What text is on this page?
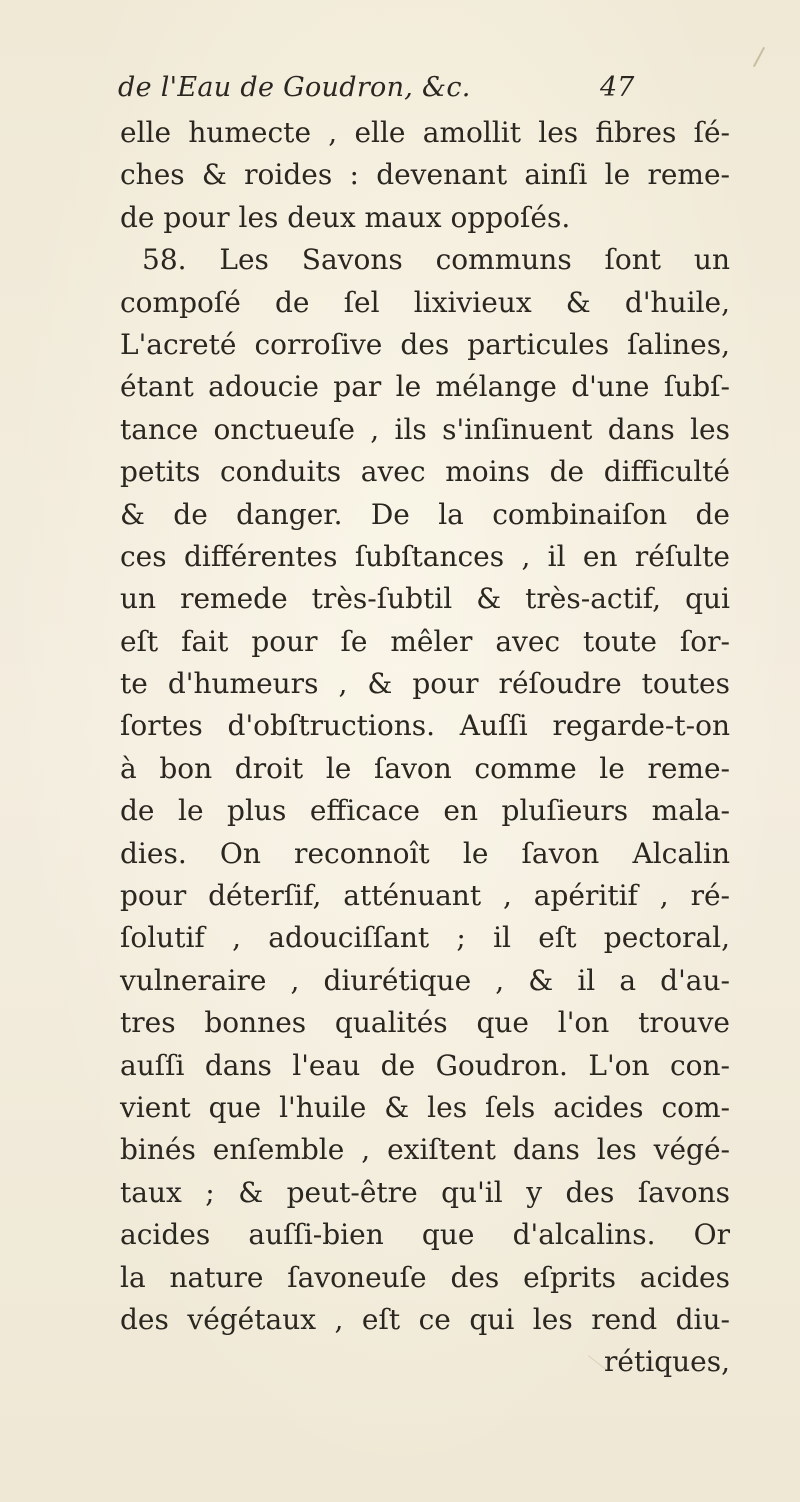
de l'Eau de Goudron, &c.	47
elle humecte , elle amollit les fibres ſé-
ches & roides : devenant ainſi le reme-
de pour les deux maux oppoſés.
58. Les Savons communs ſont un
compoſé de ſel lixivieux & d'huile,
L'acreté corroſive des particules ſalines,
étant adoucie par le mélange d'une ſubſ-
tance onctueuſe , ils s'inſinuent dans les
petits conduits avec moins de difficulté
& de danger. De la combinaiſon de
ces différentes ſubſtances , il en réſulte
un remede très-ſubtil & très-actif, qui
eſt fait pour ſe mêler avec toute ſor-
te d'humeurs , & pour réſoudre toutes
ſortes d'obſtructions. Auſſi regarde-t-on
à bon droit le ſavon comme le reme-
de le plus efficace en pluſieurs mala-
dies. On reconnoît le ſavon Alcalin
pour déterſif, atténuant , apéritif , ré-
ſolutif , adouciſſant ; il eſt pectoral,
vulneraire , diurétique , & il a d'au-
tres bonnes qualités que l'on trouve
auſſi dans l'eau de Goudron. L'on con-
vient que l'huile & les ſels acides com-
binés enſemble , exiſtent dans les végé-
taux ; & peut-être qu'il y des ſavons
acides auſſi-bien que d'alcalins. Or
la nature ſavoneuſe des eſprits acides
des végétaux , eſt ce qui les rend diu-
rétiques,
